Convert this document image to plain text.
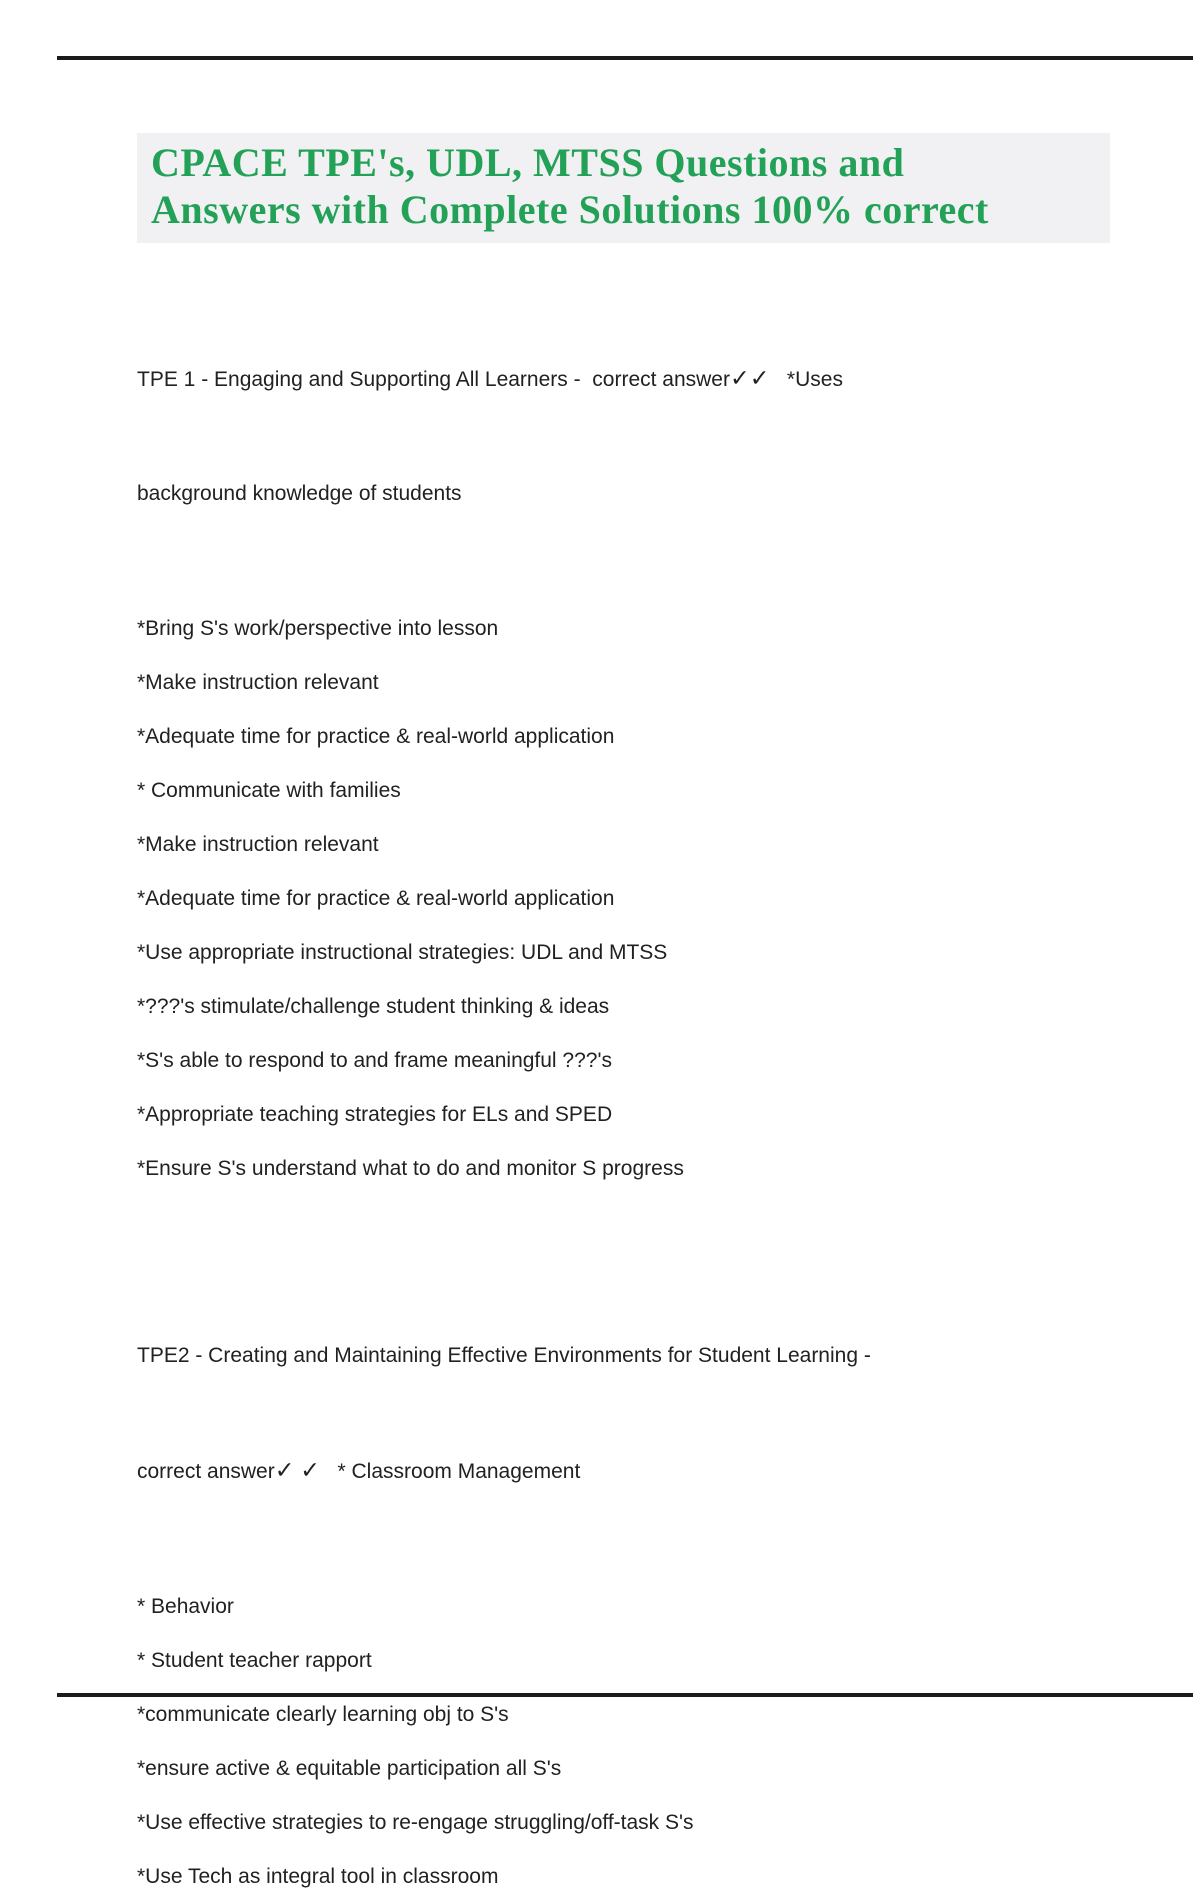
CPACE TPE's, UDL, MTSS Questions and
Answers with Complete Solutions 100% correct

TPE 1 - Engaging and Supporting All Learners -  correct answer✓✓   *Uses

background knowledge of students

*Bring S's work/perspective into lesson
*Make instruction relevant
*Adequate time for practice & real-world application
* Communicate with families
*Make instruction relevant
*Adequate time for practice & real-world application
*Use appropriate instructional strategies: UDL and MTSS
*???'s stimulate/challenge student thinking & ideas
*S's able to respond to and frame meaningful ???'s
*Appropriate teaching strategies for ELs and SPED
*Ensure S's understand what to do and monitor S progress

TPE2 - Creating and Maintaining Effective Environments for Student Learning -

correct answer✓ ✓   * Classroom Management

* Behavior
* Student teacher rapport
*communicate clearly learning obj to S's
*ensure active & equitable participation all S's
*Use effective strategies to re-engage struggling/off-task S's
*Use Tech as integral tool in classroom
